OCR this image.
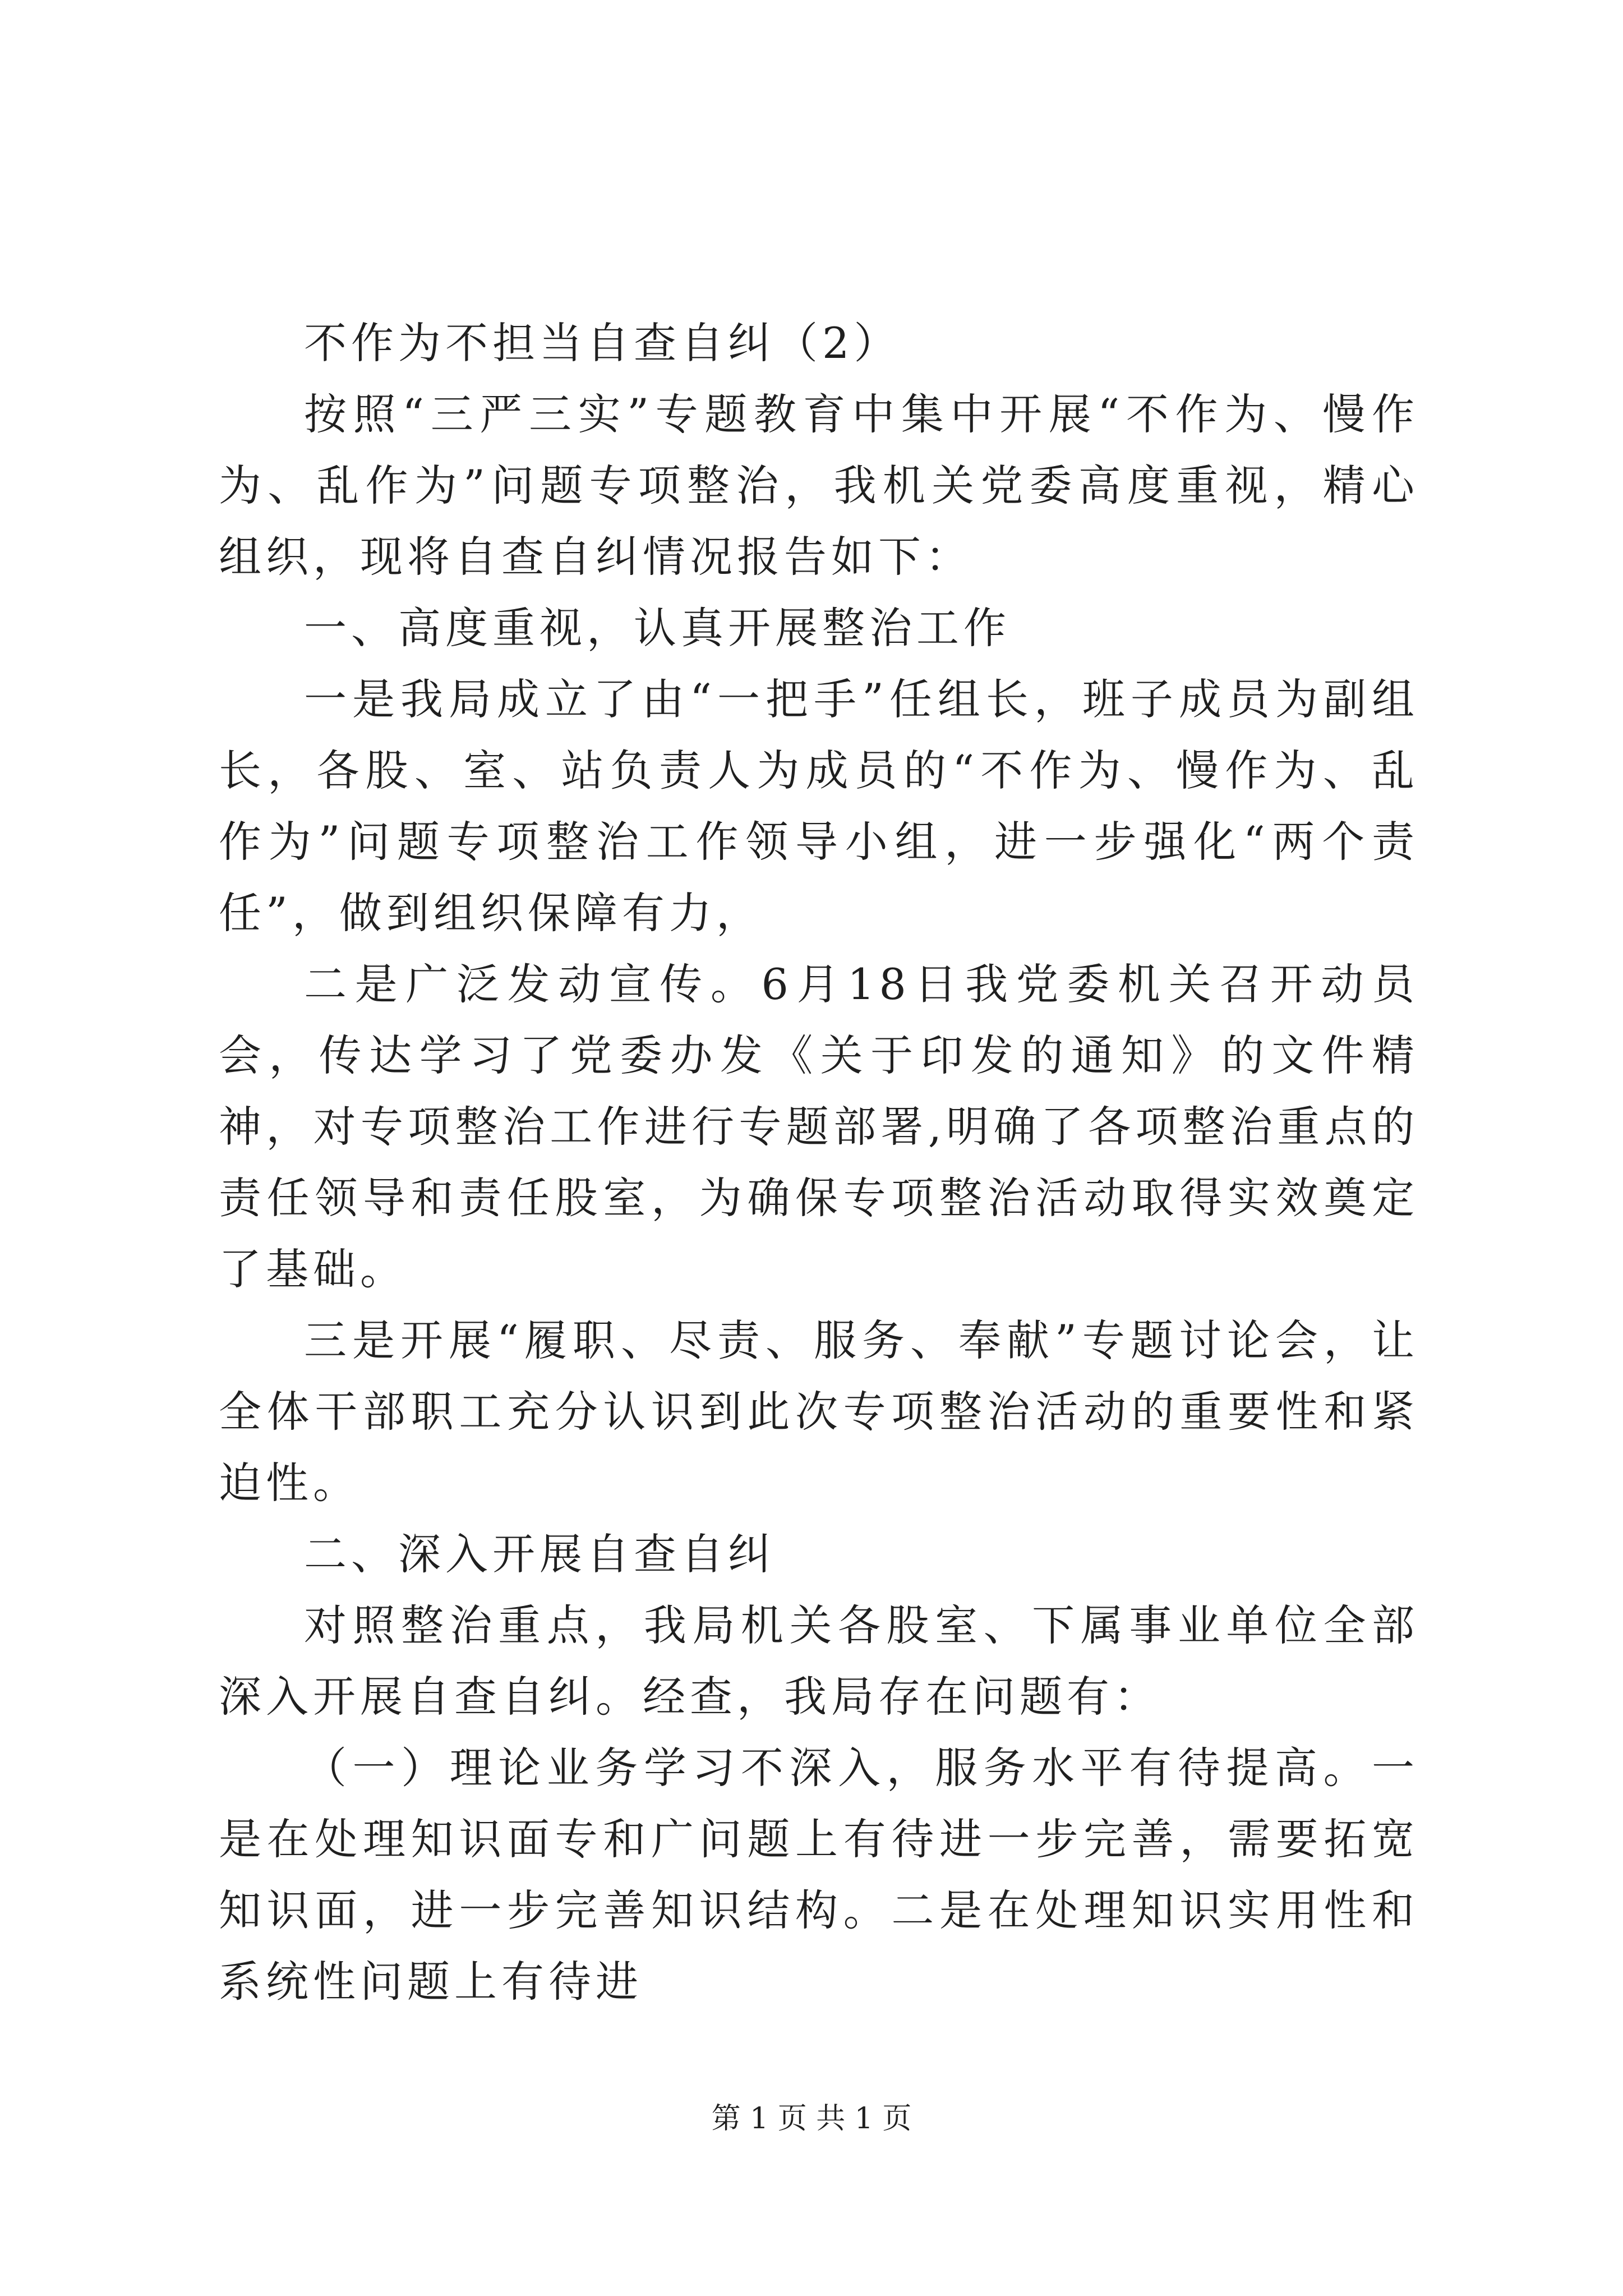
不作为不担当自查自纠（2）

按照“三严三实”专题教育中集中开展“不作为、慢作为、乱作为”问题专项整治，我机关党委高度重视，精心组织，现将自查自纠情况报告如下：

一、高度重视，认真开展整治工作

一是我局成立了由“一把手”任组长，班子成员为副组长，各股、室、站负责人为成员的“不作为、慢作为、乱作为”问题专项整治工作领导小组，进一步强化“两个责任”，做到组织保障有力，

二是广泛发动宣传。6月18日我党委机关召开动员会，传达学习了党委办发《关于印发的通知》的文件精神，对专项整治工作进行专题部署,明确了各项整治重点的责任领导和责任股室，为确保专项整治活动取得实效奠定了基础。

三是开展“履职、尽责、服务、奉献”专题讨论会，让全体干部职工充分认识到此次专项整治活动的重要性和紧迫性。

二、深入开展自查自纠

对照整治重点，我局机关各股室、下属事业单位全部深入开展自查自纠。经查，我局存在问题有：

（一）理论业务学习不深入，服务水平有待提高。一是在处理知识面专和广问题上有待进一步完善，需要拓宽知识面，进一步完善知识结构。二是在处理知识实用性和系统性问题上有待进

第 1 页 共 1 页
